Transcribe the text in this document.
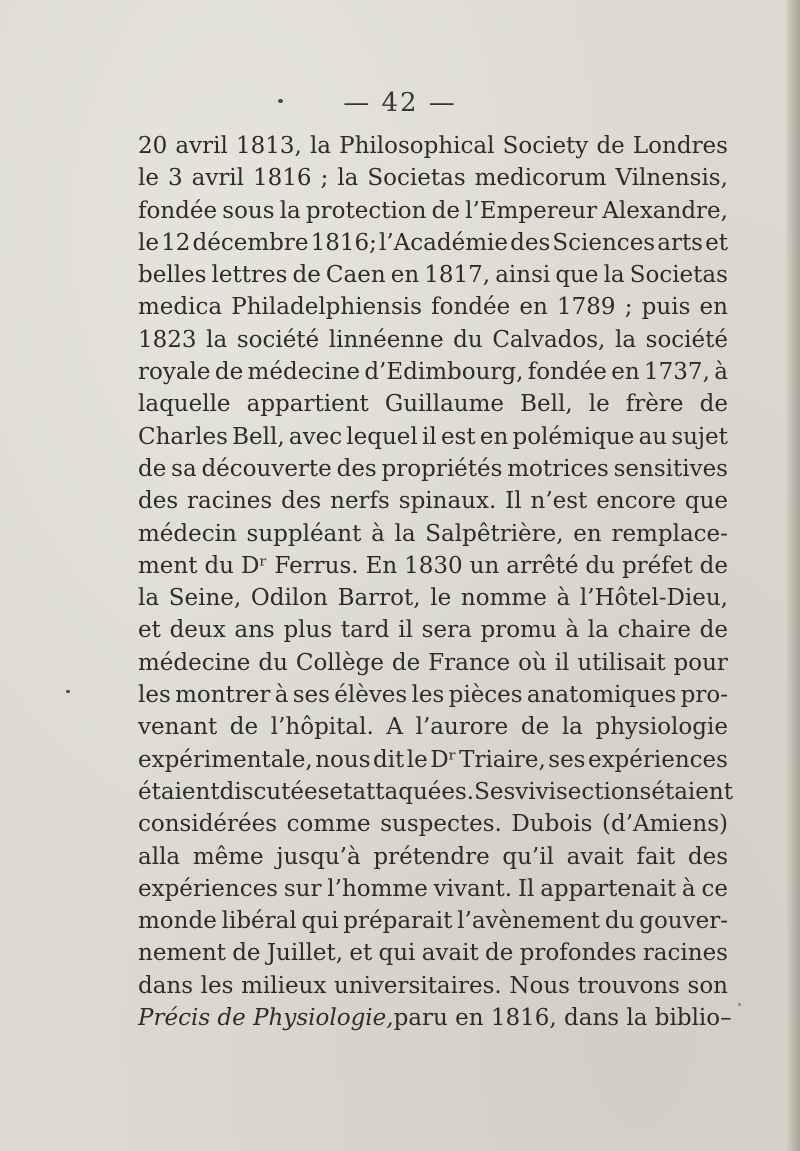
— 42 —
20 avril 1813, la Philosophical Society de Londres
le 3 avril 1816 ; la Societas medicorum Vilnensis,
fondée sous la protection de l’Empereur Alexandre,
le 12 décembre 1816; l’Académie des Sciences arts et
belles lettres de Caen en 1817, ainsi que la Societas
medica Philadelphiensis fondée en 1789 ; puis en
1823 la société linnéenne du Calvados, la société
royale de médecine d’Edimbourg, fondée en 1737, à
laquelle appartient Guillaume Bell, le frère de
Charles Bell, avec lequel il est en polémique au sujet
de sa découverte des propriétés motrices sensitives
des racines des nerfs spinaux. Il n’est encore que
médecin suppléant à la Salpêtrière, en remplace-
ment du Dʳ Ferrus. En 1830 un arrêté du préfet de
la Seine, Odilon Barrot, le nomme à l’Hôtel-Dieu,
et deux ans plus tard il sera promu à la chaire de
médecine du Collège de France où il utilisait pour
les montrer à ses élèves les pièces anatomiques pro-
venant de l’hôpital. A l’aurore de la physiologie
expérimentale, nous dit le Dʳ Triaire, ses expériences
étaient discutées et attaquées. Ses vivisections étaient
considérées comme suspectes. Dubois (d’Amiens)
alla même jusqu’à prétendre qu’il avait fait des
expériences sur l’homme vivant. Il appartenait à ce
monde libéral qui préparait l’avènement du gouver-
nement de Juillet, et qui avait de profondes racines
dans les milieux universitaires. Nous trouvons son
Précis de Physiologie, paru en 1816, dans la biblio–
